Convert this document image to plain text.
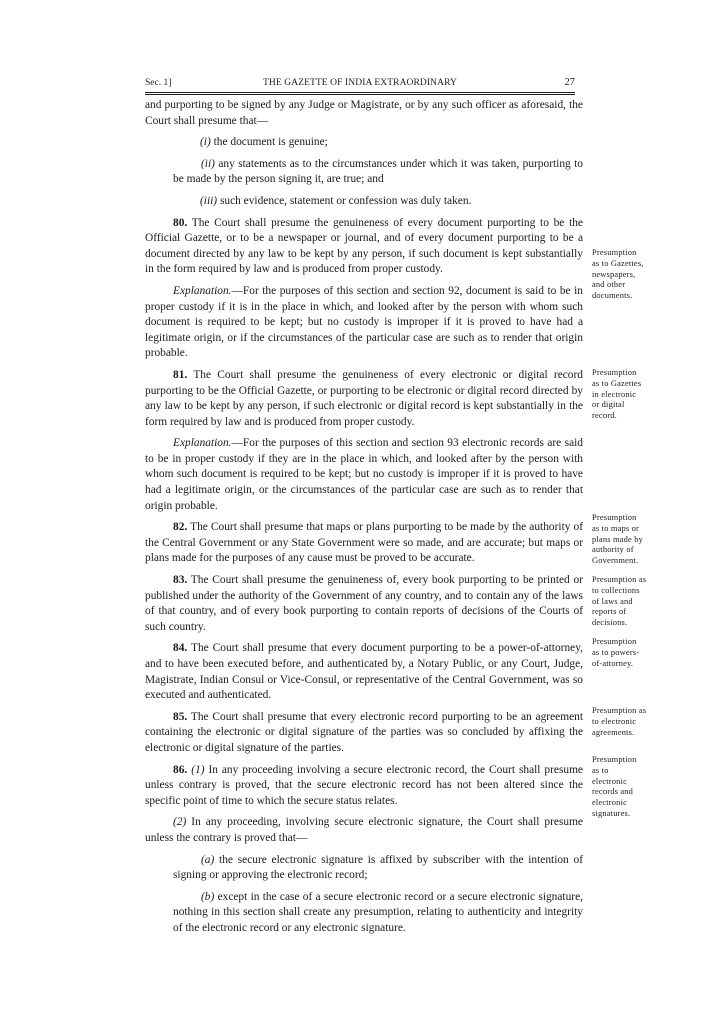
Sec. 1]	THE GAZETTE OF INDIA EXTRAORDINARY	27

and purporting to be signed by any Judge or Magistrate, or by any such officer as aforesaid, the Court shall presume that—

(i) the document is genuine;

(ii) any statements as to the circumstances under which it was taken, purporting to be made by the person signing it, are true; and

(iii) such evidence, statement or confession was duly taken.

80. The Court shall presume the genuineness of every document purporting to be the Official Gazette, or to be a newspaper or journal, and of every document purporting to be a document directed by any law to be kept by any person, if such document is kept substantially in the form required by law and is produced from proper custody.

Explanation.—For the purposes of this section and section 92, document is said to be in proper custody if it is in the place in which, and looked after by the person with whom such document is required to be kept; but no custody is improper if it is proved to have had a legitimate origin, or if the circumstances of the particular case are such as to render that origin probable.

81. The Court shall presume the genuineness of every electronic or digital record purporting to be the Official Gazette, or purporting to be electronic or digital record directed by any law to be kept by any person, if such electronic or digital record is kept substantially in the form required by law and is produced from proper custody.

Explanation.—For the purposes of this section and section 93 electronic records are said to be in proper custody if they are in the place in which, and looked after by the person with whom such document is required to be kept; but no custody is improper if it is proved to have had a legitimate origin, or the circumstances of the particular case are such as to render that origin probable.

82. The Court shall presume that maps or plans purporting to be made by the authority of the Central Government or any State Government were so made, and are accurate; but maps or plans made for the purposes of any cause must be proved to be accurate.

83. The Court shall presume the genuineness of, every book purporting to be printed or published under the authority of the Government of any country, and to contain any of the laws of that country, and of every book purporting to contain reports of decisions of the Courts of such country.

84. The Court shall presume that every document purporting to be a power-of-attorney, and to have been executed before, and authenticated by, a Notary Public, or any Court, Judge, Magistrate, Indian Consul or Vice-Consul, or representative of the Central Government, was so executed and authenticated.

85. The Court shall presume that every electronic record purporting to be an agreement containing the electronic or digital signature of the parties was so concluded by affixing the electronic or digital signature of the parties.

86. (1) In any proceeding involving a secure electronic record, the Court shall presume unless contrary is proved, that the secure electronic record has not been altered since the specific point of time to which the secure status relates.

(2) In any proceeding, involving secure electronic signature, the Court shall presume unless the contrary is proved that—

(a) the secure electronic signature is affixed by subscriber with the intention of signing or approving the electronic record;

(b) except in the case of a secure electronic record or a secure electronic signature, nothing in this section shall create any presumption, relating to authenticity and integrity of the electronic record or any electronic signature.

Presumption
as to Gazettes,
newspapers,
and other
documents.
Presumption
as to Gazettes
in electronic
or digital
record.
Presumption
as to maps or
plans made by
authority of
Government.
Presumption as
to collections
of laws and
reports of
decisions.
Presumption
as to powers-
of-attorney.
Presumption as
to electronic
agreements.
Presumption
as to
electronic
records and
electronic
signatures.
